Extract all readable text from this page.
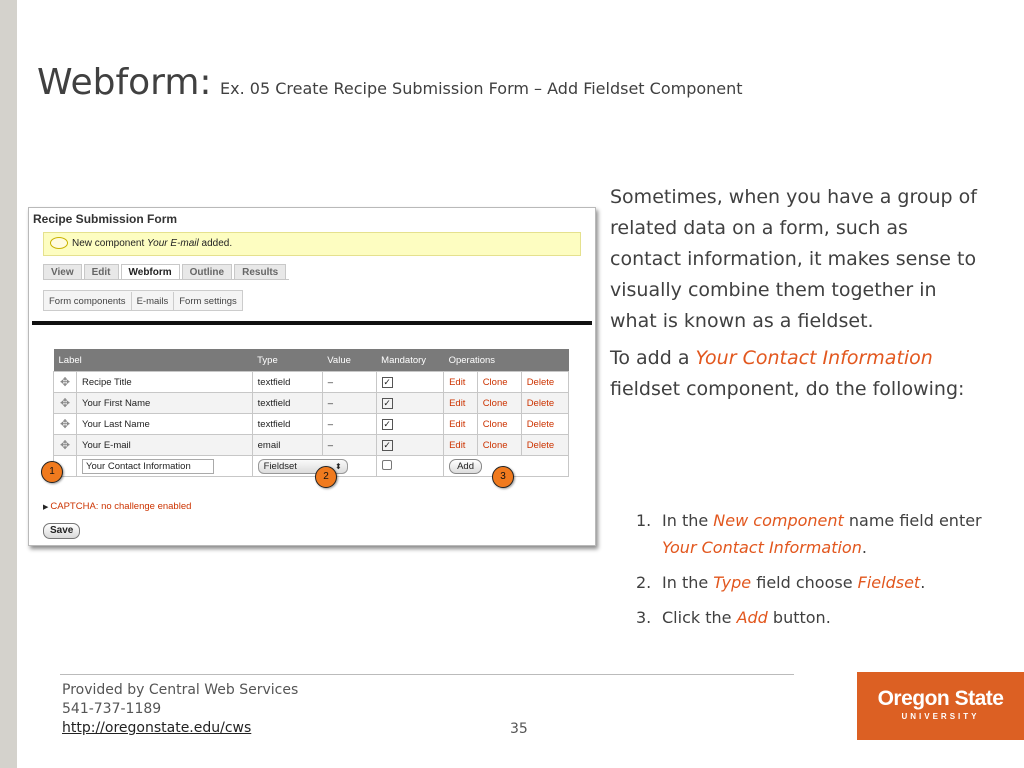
Webform: Ex. 05 Create Recipe Submission Form – Add Fieldset Component
Recipe Submission Form
New component Your E-mail added.
View Edit Webform Outline Results
Form components E-mails Form settings
Label		Type	Value	Mandatory	Operations		
✥	Recipe Title	textfield	–	✓	Edit	Clone	Delete
✥	Your First Name	textfield	–	✓	Edit	Clone	Delete
✥	Your Last Name	textfield	–	✓	Edit	Clone	Delete
✥	Your E-mail	email	–	✓	Edit	Clone	Delete
	Your Contact Information	Fieldset ⬍			Add		
1	2	3
▶ CAPTCHA: no challenge enabled
Save

Sometimes, when you have a group of related data on a form, such as contact information, it makes sense to visually combine them together in what is known as a fieldset.

To add a Your Contact Information fieldset component, do the following:

1. In the New component name field enter Your Contact Information.
2. In the Type field choose Fieldset.
3. Click the Add button.
Provided by Central Web Services
541-737-1189
http://oregonstate.edu/cws	35
Oregon State
UNIVERSITY
